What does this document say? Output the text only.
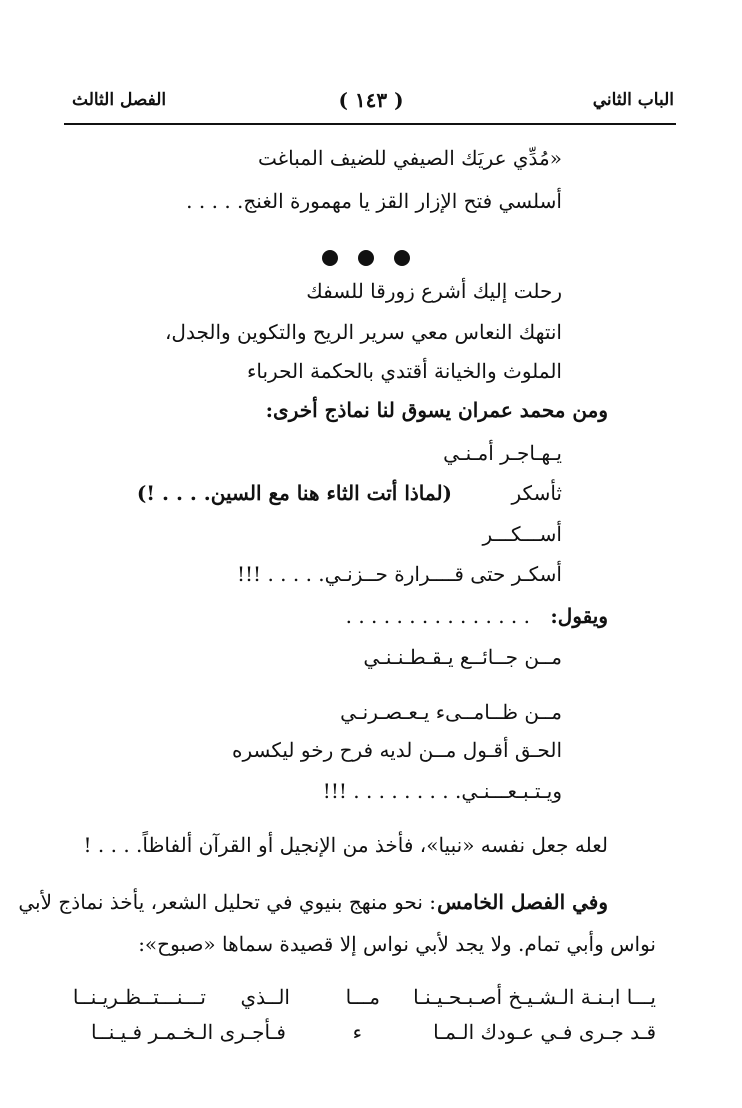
الباب الثاني
( ١٤٣ )
الفصل الثالث
«مُدِّي عريَك الصيفي للضيف المباغت
أسلسي فتح الإزار القز يا مهمورة الغنج. . . . .
رحلت إليك أشرع زورقا للسفك
انتهك النعاس معي سرير الريح والتكوين والجدل،
الملوث والخيانة أقتدي بالحكمة الحرباء
ومن محمد عمران يسوق لنا نماذج أخرى:
يـهـاجـر أمـنـي
ثأسكر
(لماذا أتت الثاء هنا مع السين. . . . !)
أســـكـــر
أسكـر حتى قــــرارة حــزنـي. . . . . !!!
ويقول:
. . . . . . . . . . . . . . .
مــن جــائــع يـقـطـنـنـي
مــن ظــامــىء يـعـصـرنـي
الحـق أقـول مــن لديه فرح رخو ليكسره
ويـتـبـعـــنـي. . . . . . . . . !!!
لعله جعل نفسه «نبيا»، فأخذ من الإنجيل أو القرآن ألفاظاً. . . . !
وفي الفصل الخامس
: نحو منهج بنيوي في تحليل الشعر، يأخذ نماذج لأبي
نواس وأبي تمام. ولا يجد لأبي نواس إلا قصيدة سماها «صبوح»:
يـــا ابـنـة الـشـيـخ أصـبـحـيـنـا
مـــا
الــذي
تـــنـــتــظـريـنــا
قـد جـرى فـي عـودك الـمـا
ء
فـأجـرى الـخـمـر فـيـنــا
